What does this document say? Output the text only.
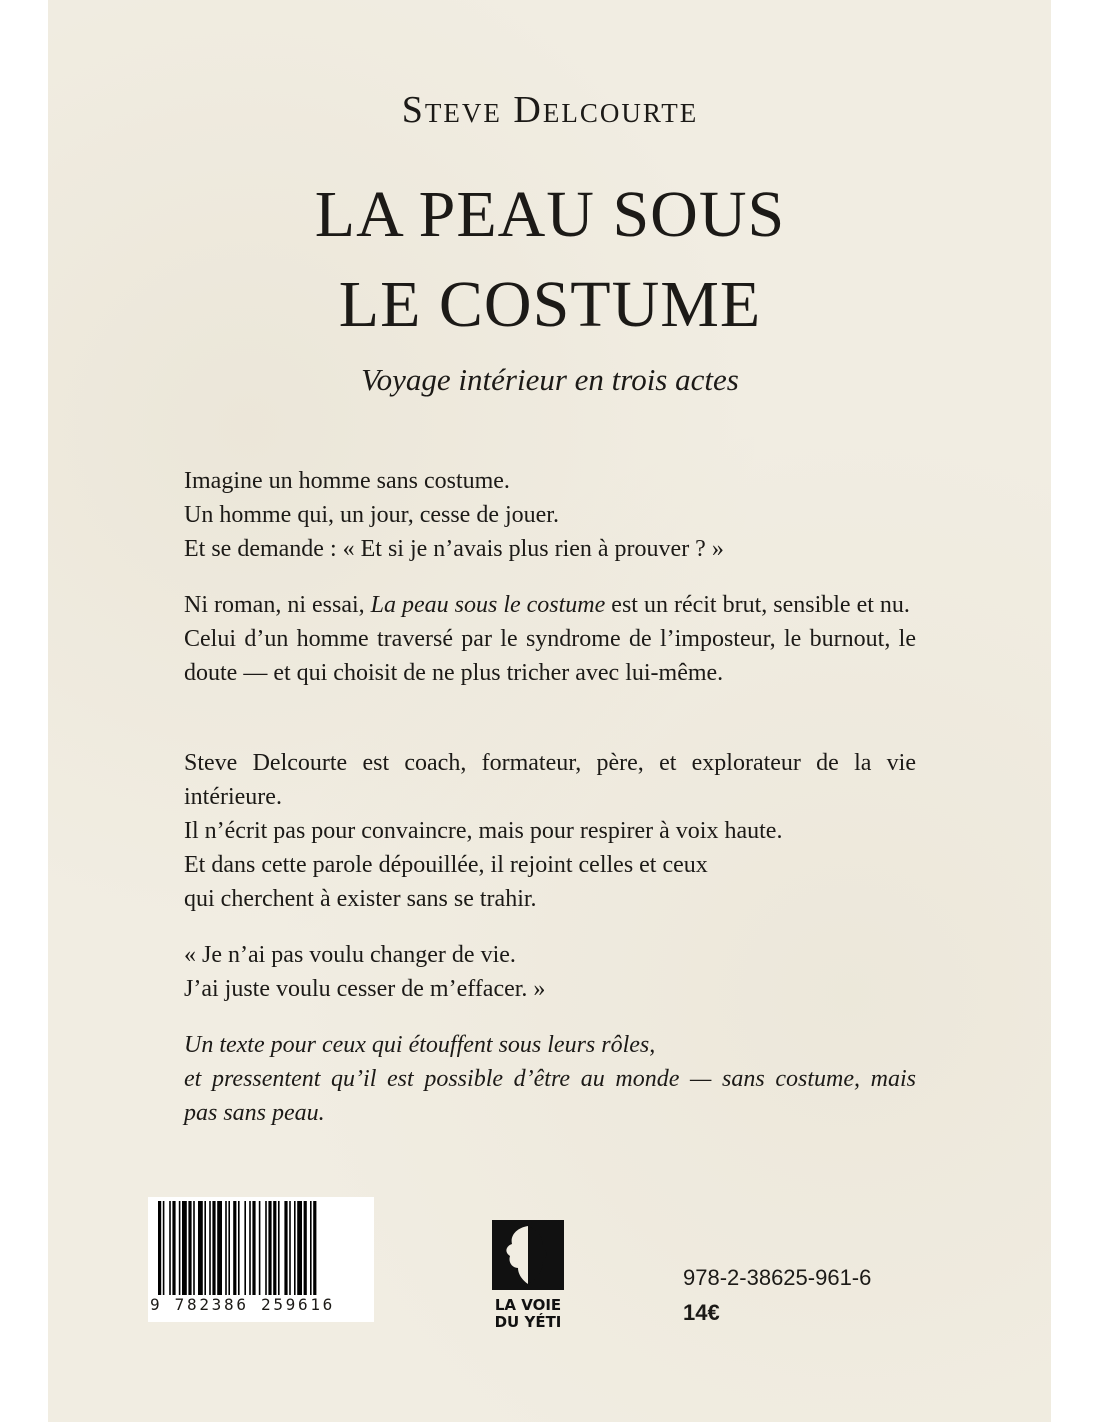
Steve Delcourte
LA PEAU SOUS
LE COSTUME
Voyage intérieur en trois actes
Imagine un homme sans costume.
Un homme qui, un jour, cesse de jouer.
Et se demande : « Et si je n’avais plus rien à prouver ? »

Ni roman, ni essai, La peau sous le costume est un récit brut, sensible et nu.

Celui d’un homme traversé par le syndrome de l’imposteur, le burnout, le doute — et qui choisit de ne plus tricher avec lui-même.

Steve Delcourte est coach, formateur, père, et explorateur de la vie intérieure.

Il n’écrit pas pour convaincre, mais pour respirer à voix haute.
Et dans cette parole dépouillée, il rejoint celles et ceux
qui cherchent à exister sans se trahir.
« Je n’ai pas voulu changer de vie.
J’ai juste voulu cesser de m’effacer. »
Un texte pour ceux qui étouffent sous leurs rôles,
et pressentent qu’il est possible d’être au monde — sans costume, mais
pas sans peau.
9 782386 259616	LA VOIE
DU YÉTI
978-2-38625-961-6
14€
